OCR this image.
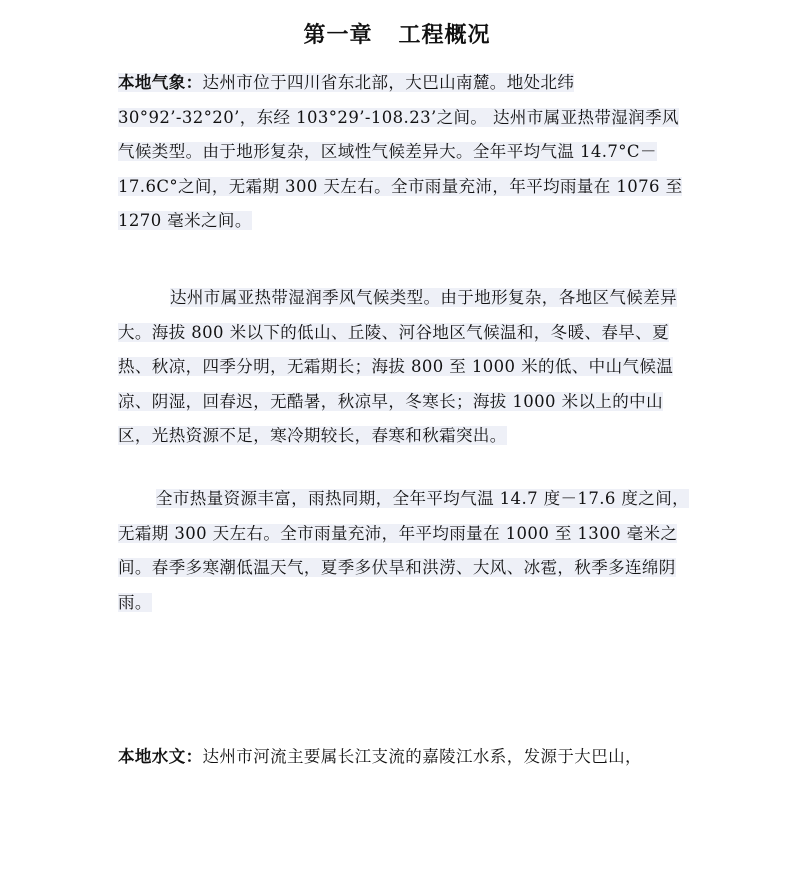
第一章 工程概况
本地气象：达州市位于四川省东北部，大巴山南麓。地处北纬30°92’-32°20’，东经 103°29’-108.23’之间。 达州市属亚热带湿润季风气候类型。由于地形复杂，区域性气候差异大。全年平均气温 14.7°C－17.6C°之间，无霜期 300 天左右。全市雨量充沛，年平均雨量在 1076 至 1270 毫米之间。
达州市属亚热带湿润季风气候类型。由于地形复杂，各地区气候差异大。海拔 800 米以下的低山、丘陵、河谷地区气候温和，冬暖、春早、夏热、秋凉，四季分明，无霜期长；海拔 800 至 1000 米的低、中山气候温凉、阴湿，回春迟，无酷暑，秋凉早，冬寒长；海拔 1000 米以上的中山区，光热资源不足，寒冷期较长，春寒和秋霜突出。
全市热量资源丰富，雨热同期，全年平均气温 14.7 度－17.6 度之间，无霜期 300 天左右。全市雨量充沛，年平均雨量在 1000 至 1300 毫米之间。春季多寒潮低温天气，夏季多伏旱和洪涝、大风、冰雹，秋季多连绵阴雨。
本地水文：达州市河流主要属长江支流的嘉陵江水系，发源于大巴山，
